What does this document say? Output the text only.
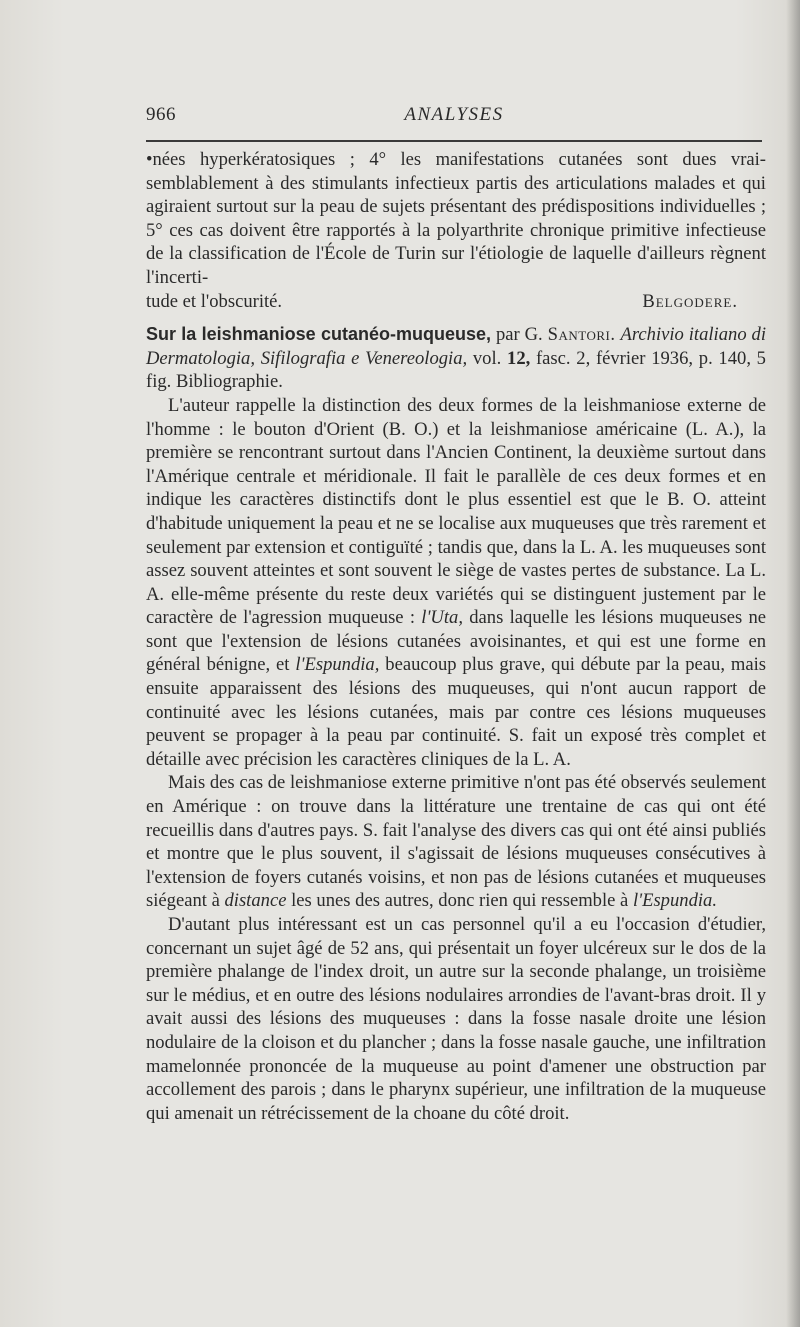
ANALYSES
966

•nées hyperkératosiques ; 4° les manifestations cutanées sont dues vrai- semblablement à des stimulants infectieux partis des articulations malades et qui agiraient surtout sur la peau de sujets présentant des prédispositions individuelles ; 5° ces cas doivent être rapportés à la polyarthrite chronique primitive infectieuse de la classification de l'École de Turin sur l'étiologie de laquelle d'ailleurs règnent l'incerti-

tude et l'obscurité.	Belgodere.

Sur la leishmaniose cutanéo-muqueuse, par G. Santori. Archivio italiano di Dermatologia, Sifilografia e Venereologia, vol. 12, fasc. 2, février 1936, p. 140, 5 fig. Bibliographie.

L'auteur rappelle la distinction des deux formes de la leishmaniose externe de l'homme : le bouton d'Orient (B. O.) et la leishmaniose américaine (L. A.), la première se rencontrant surtout dans l'Ancien Continent, la deuxième surtout dans l'Amérique centrale et méridionale. Il fait le parallèle de ces deux formes et en indique les caractères distinctifs dont le plus essentiel est que le B. O. atteint d'habitude uniquement la peau et ne se localise aux muqueuses que très rarement et seulement par extension et contiguïté ; tandis que, dans la L. A. les muqueuses sont assez souvent atteintes et sont souvent le siège de vastes pertes de substance. La L. A. elle-même présente du reste deux variétés qui se distinguent justement par le caractère de l'agression muqueuse : l'Uta, dans laquelle les lésions muqueuses ne sont que l'extension de lésions cutanées avoisinantes, et qui est une forme en général bénigne, et l'Espundia, beaucoup plus grave, qui débute par la peau, mais ensuite apparaissent des lésions des muqueuses, qui n'ont aucun rapport de continuité avec les lésions cutanées, mais par contre ces lésions muqueuses peuvent se propager à la peau par continuité. S. fait un exposé très complet et détaille avec précision les caractères cliniques de la L. A.

Mais des cas de leishmaniose externe primitive n'ont pas été observés seulement en Amérique : on trouve dans la littérature une trentaine de cas qui ont été recueillis dans d'autres pays. S. fait l'analyse des divers cas qui ont été ainsi publiés et montre que le plus souvent, il s'agissait de lésions muqueuses consécutives à l'extension de foyers cutanés voisins, et non pas de lésions cutanées et muqueuses siégeant à distance les unes des autres, donc rien qui ressemble à l'Espundia.

D'autant plus intéressant est un cas personnel qu'il a eu l'occasion d'étudier, concernant un sujet âgé de 52 ans, qui présentait un foyer ulcéreux sur le dos de la première phalange de l'index droit, un autre sur la seconde phalange, un troisième sur le médius, et en outre des lésions nodulaires arrondies de l'avant-bras droit. Il y avait aussi des lésions des muqueuses : dans la fosse nasale droite une lésion nodulaire de la cloison et du plancher ; dans la fosse nasale gauche, une infiltration mamelonnée prononcée de la muqueuse au point d'amener une obstruction par accollement des parois ; dans le pharynx supérieur, une infiltration de la muqueuse qui amenait un rétrécissement de la choane du côté droit.
